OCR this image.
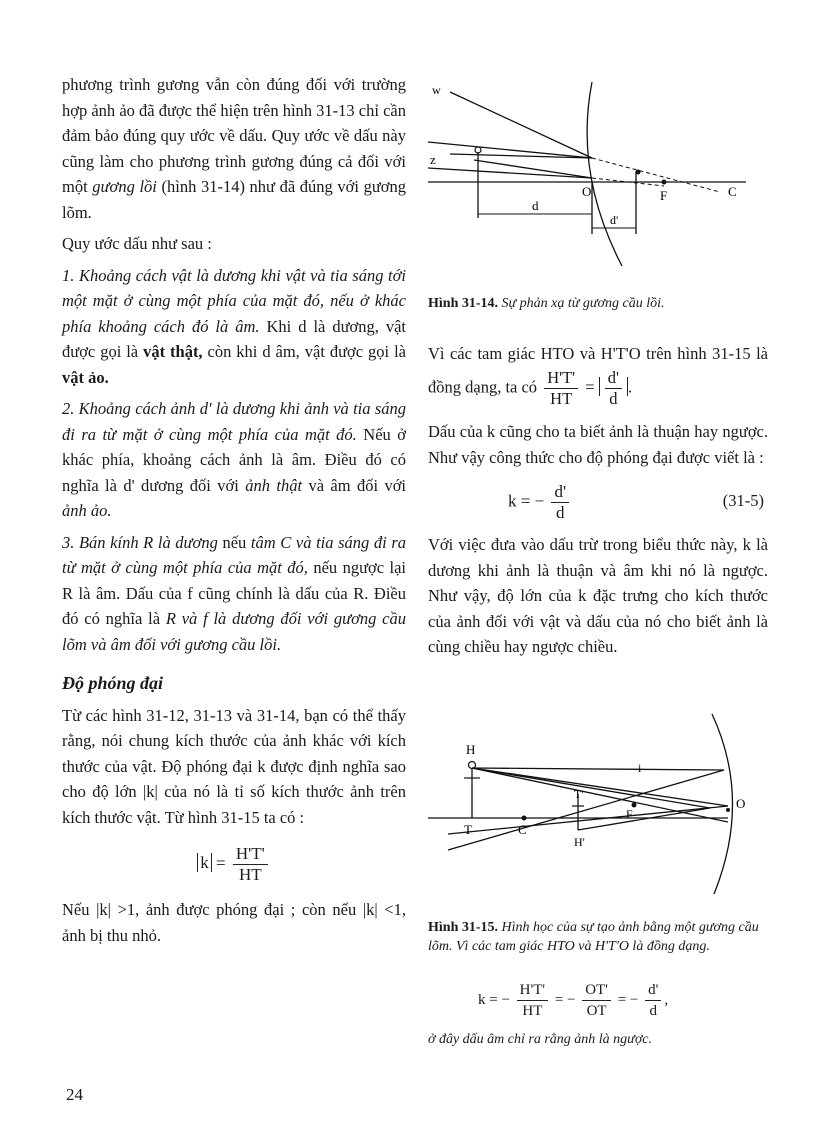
phương trình gương vẫn còn đúng đối với trường hợp ảnh ảo đã được thể hiện trên hình 31-13 chỉ cần đảm bảo đúng quy ước về dấu. Quy ước về dấu này cũng làm cho phương trình gương đúng cả đối với một gương lồi (hình 31-14) như đã đúng với gương lõm.

Quy ước dấu như sau :

1. Khoảng cách vật là dương khi vật và tia sáng tới một mặt ở cùng một phía của mặt đó, nếu ở khác phía khoảng cách đó là âm. Khi d là dương, vật được gọi là vật thật, còn khi d âm, vật được gọi là vật ảo.

2. Khoảng cách ảnh d' là dương khi ảnh và tia sáng đi ra từ mặt ở cùng một phía của mặt đó. Nếu ở khác phía, khoảng cách ảnh là âm. Điều đó có nghĩa là d' dương đối với ảnh thật và âm đối với ảnh ảo.

3. Bán kính R là dương nếu tâm C và tia sáng đi ra từ mặt ở cùng một phía của mặt đó, nếu ngược lại R là âm. Dấu của f cũng chính là dấu của R. Điều đó có nghĩa là R và f là dương đối với gương cầu lõm và âm đối với gương cầu lồi.

Độ phóng đại

Từ các hình 31-12, 31-13 và 31-14, bạn có thể thấy rằng, nói chung kích thước của ảnh khác với kích thước của vật. Độ phóng đại k được định nghĩa sao cho độ lớn |k| của nó là tỉ số kích thước ảnh trên kích thước vật. Từ hình 31-15 ta có :

$k = \frac{H'T'}{HT}$

Nếu |k| >1, ảnh được phóng đại ; còn nếu |k| <1, ảnh bị thu nhỏ.

w
z
O	F	C
d
d'
Hình 31-14. Sự phản xạ từ gương cầu lồi.

Vì các tam giác HTO và H'T'O trên hình 31-15 là đồng dạng, ta có $\frac{H'T'}{HT} = \frac{d'}{d}$ .

Dấu của k cũng cho ta biết ảnh là thuận hay ngược. Như vậy công thức cho độ phóng đại được viết là :

k = − $\frac{d'}{d}$	(31-5)

Với việc đưa vào dấu trừ trong biểu thức này, k là dương khi ảnh là thuận và âm khi nó là ngược. Như vậy, độ lớn của k đặc trưng cho kích thước của ảnh đối với vật và dấu của nó cho biết ảnh là cùng chiều hay ngược chiều.

H
T	C
T'
F
H'
O
i
Hình 31-15. Hình học của sự tạo ảnh bằng một gương cầu lõm. Vì các tam giác HTO và H'T'O là đồng dạng.
k = − $\frac{H'T'}{HT}$ = − $\frac{OT'}{OT}$ = − $\frac{d'}{d}$ ,
ở đây dấu âm chỉ ra rằng ảnh là ngược.
24
